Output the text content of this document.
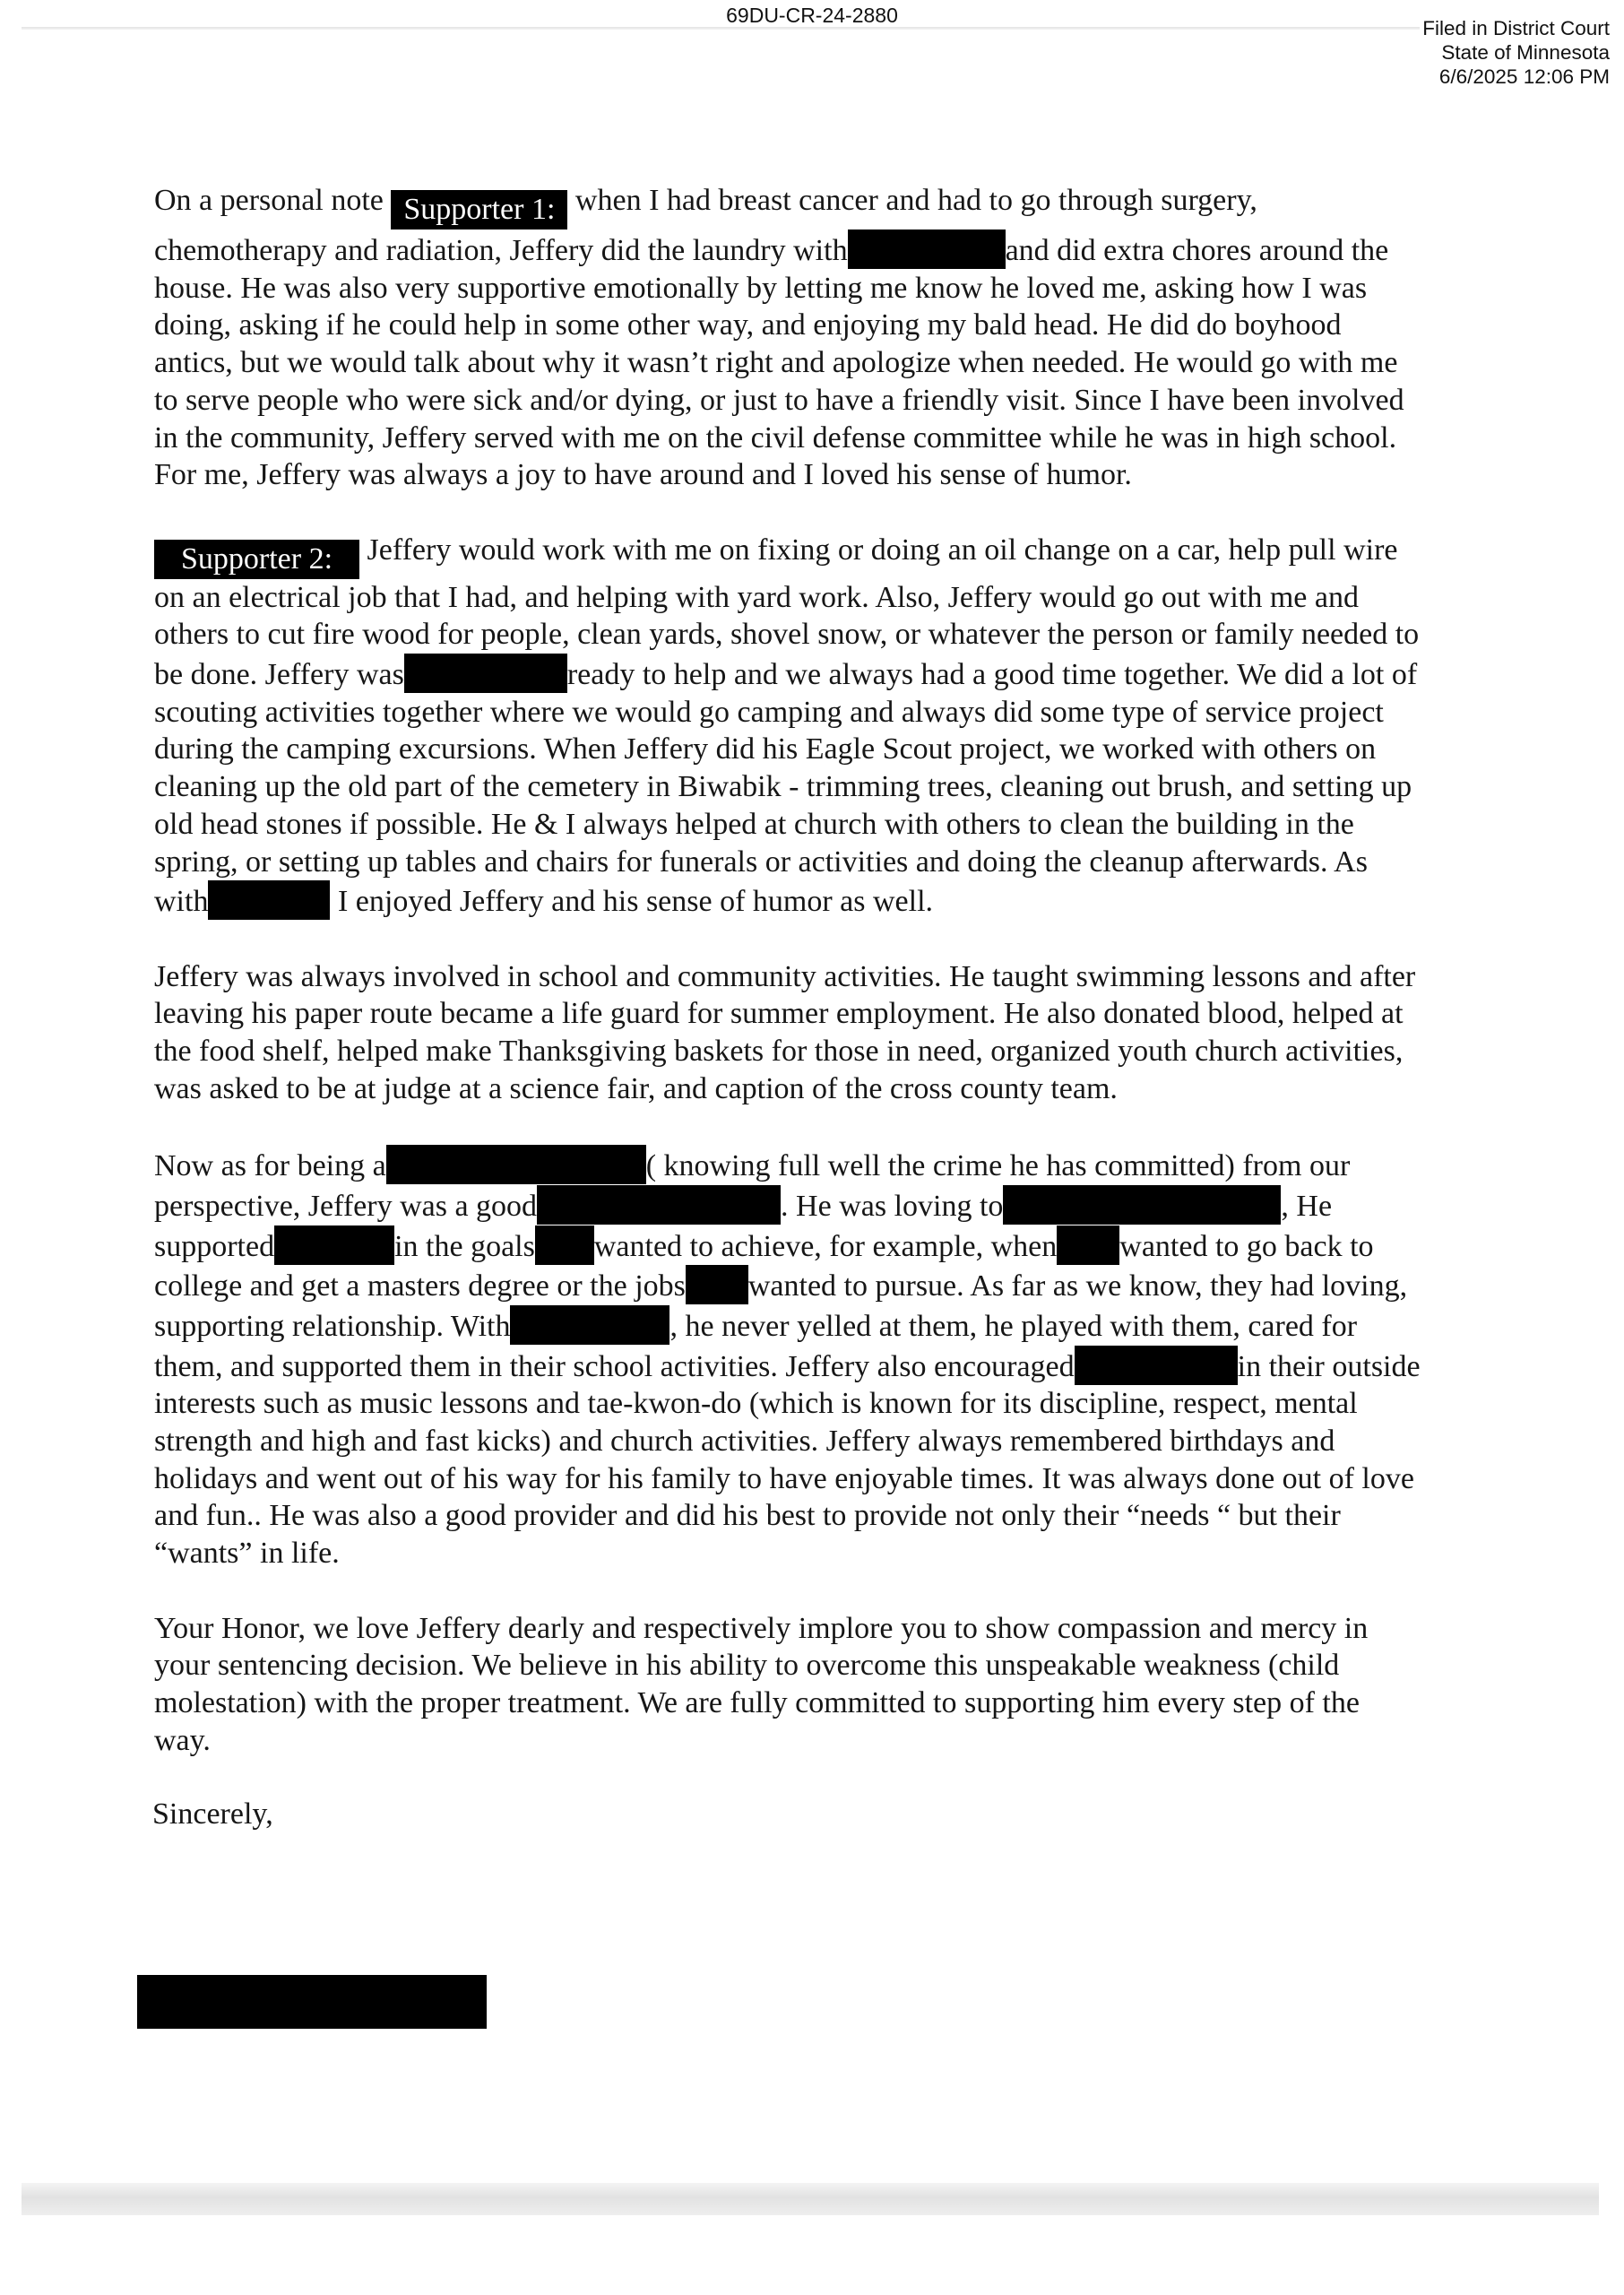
69DU-CR-24-2880
Filed in District Court
State of Minnesota
6/6/2025 12:06 PM

On a personal note Supporter 1: when I had breast cancer and had to go through surgery,
chemotherapy and radiation, Jeffery did the laundry with	and did extra chores around the
house. He was also very supportive emotionally by letting me know he loved me, asking how I was
doing, asking if he could help in some other way, and enjoying my bald head. He did do boyhood
antics, but we would talk about why it wasn’t right and apologize when needed. He would go with me
to serve people who were sick and/or dying, or just to have a friendly visit. Since I have been involved
in the community, Jeffery served with me on the civil defense committee while he was in high school.
For me, Jeffery was always a joy to have around and I loved his sense of humor.

Supporter 2: Jeffery would work with me on fixing or doing an oil change on a car, help pull wire
on an electrical job that I had, and helping with yard work. Also, Jeffery would go out with me and
others to cut fire wood for people, clean yards, shovel snow, or whatever the person or family needed to
be done. Jeffery was	ready to help and we always had a good time together. We did a lot of
scouting activities together where we would go camping and always did some type of service project
during the camping excursions. When Jeffery did his Eagle Scout project, we worked with others on
cleaning up the old part of the cemetery in Biwabik - trimming trees, cleaning out brush, and setting up
old head stones if possible. He & I always helped at church with others to clean the building in the
spring, or setting up tables and chairs for funerals or activities and doing the cleanup afterwards. As
with	I enjoyed Jeffery and his sense of humor as well.

Jeffery was always involved in school and community activities. He taught swimming lessons and after
leaving his paper route became a life guard for summer employment. He also donated blood, helped at
the food shelf, helped make Thanksgiving baskets for those in need, organized youth church activities,
was asked to be at judge at a science fair, and caption of the cross county team.

Now as for being a	( knowing full well the crime he has committed) from our
perspective, Jeffery was a good	. He was loving to	, He
supported	in the goals wanted to achieve, for example, when wanted to go back to
college and get a masters degree or the jobs wanted to pursue. As far as we know, they had loving,
supporting relationship. With	, he never yelled at them, he played with them, cared for
them, and supported them in their school activities. Jeffery also encouraged	in their outside
interests such as music lessons and tae-kwon-do (which is known for its discipline, respect, mental
strength and high and fast kicks) and church activities. Jeffery always remembered birthdays and
holidays and went out of his way for his family to have enjoyable times. It was always done out of love
and fun.. He was also a good provider and did his best to provide not only their “needs “ but their
“wants” in life.

Your Honor, we love Jeffery dearly and respectively implore you to show compassion and mercy in
your sentencing decision. We believe in his ability to overcome this unspeakable weakness (child
molestation) with the proper treatment. We are fully committed to supporting him every step of the
way.

Sincerely,
